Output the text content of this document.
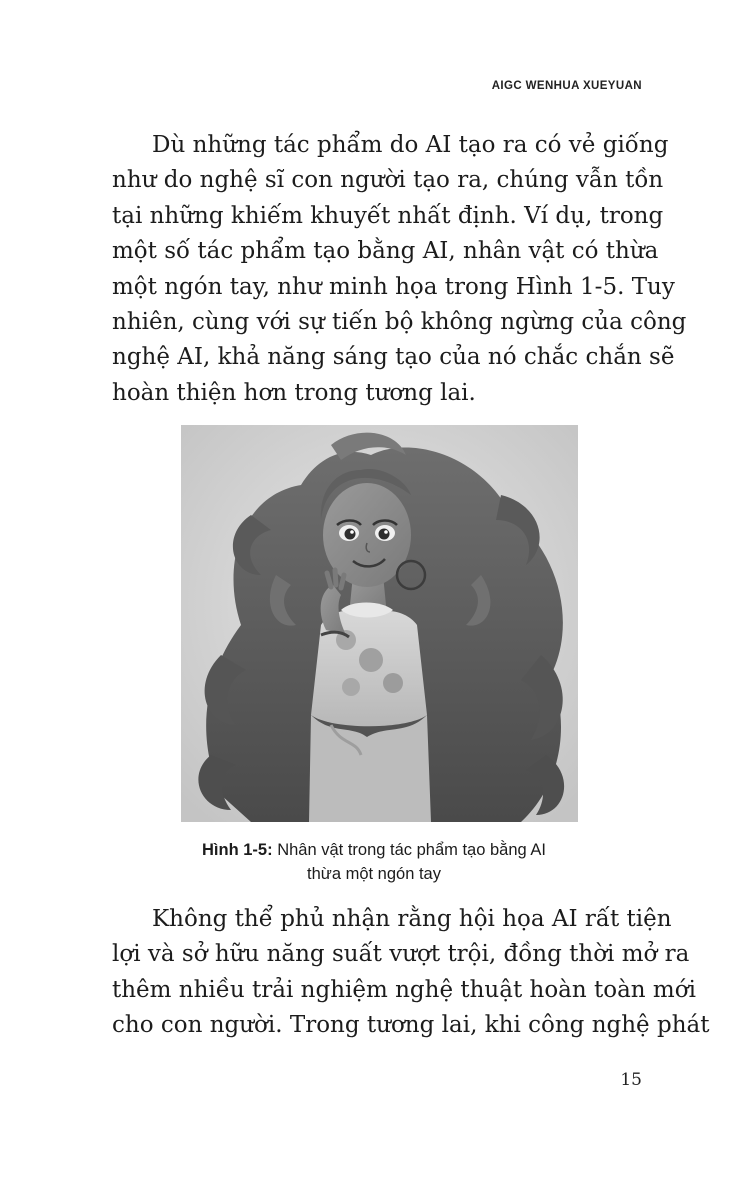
AIGC WENHUA XUEYUAN

Dù những tác phẩm do AI tạo ra có vẻ giống
như do nghệ sĩ con người tạo ra, chúng vẫn tồn
tại những khiếm khuyết nhất định. Ví dụ, trong
một số tác phẩm tạo bằng AI, nhân vật có thừa
một ngón tay, như minh họa trong Hình 1-5. Tuy
nhiên, cùng với sự tiến bộ không ngừng của công
nghệ AI, khả năng sáng tạo của nó chắc chắn sẽ
hoàn thiện hơn trong tương lai.

Hình 1-5: Nhân vật trong tác phẩm tạo bằng AI
thừa một ngón tay

Không thể phủ nhận rằng hội họa AI rất tiện
lợi và sở hữu năng suất vượt trội, đồng thời mở ra
thêm nhiều trải nghiệm nghệ thuật hoàn toàn mới
cho con người. Trong tương lai, khi công nghệ phát

15
